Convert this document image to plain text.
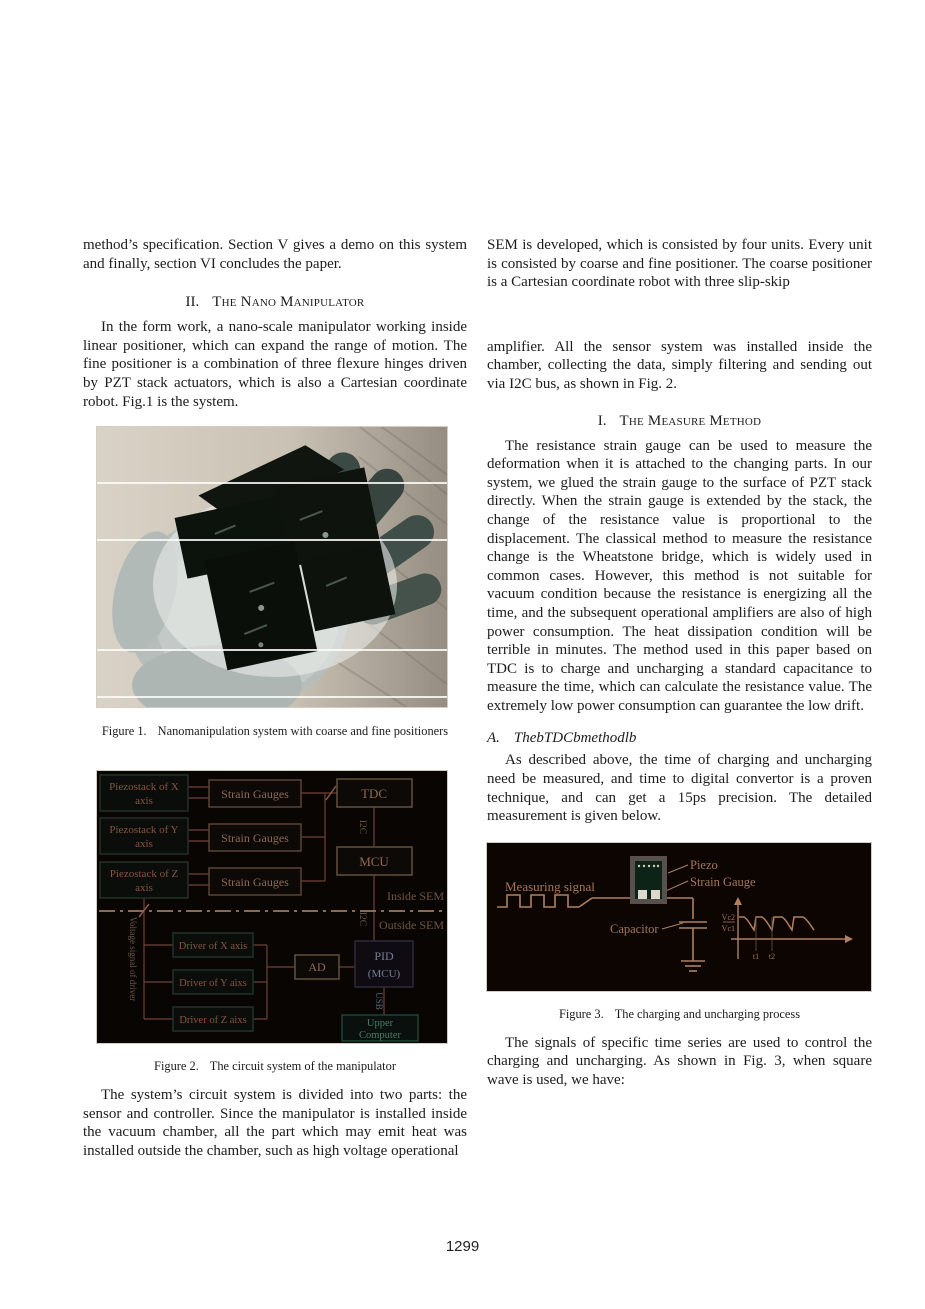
method’s specification. Section V gives a demo on this system and finally, section VI concludes the paper.

II. The Nano Manipulator

In the form work, a nano-scale manipulator working inside linear positioner, which can expand the range of motion. The fine positioner is a combination of three flexure hinges driven by PZT stack actuators, which is also a Cartesian coordinate robot. Fig.1 is the system.

Figure 1. Nanomanipulation system with coarse and fine positioners
Piezostack of X
axis
Piezostack of Y
axis
Piezostack of Z
axis
Strain Gauges
Strain Gauges
Strain Gauges
TDC
MCU
I2C
I2C
Inside SEM
Outside SEM
Voltage signal of driver	Driver of X axis
Driver of Y aixs
Driver of Z aixs
AD
PID
(MCU)
USB
Upper
Computer
Figure 2. The circuit system of the manipulator

The system’s circuit system is divided into two parts: the sensor and controller. Since the manipulator is installed inside the vacuum chamber, all the part which may emit heat was installed outside the chamber, such as high voltage operational

SEM is developed, which is consisted by four units. Every unit is consisted by coarse and fine positioner. The coarse positioner is a Cartesian coordinate robot with three slip-skip

amplifier. All the sensor system was installed inside the chamber, collecting the data, simply filtering and sending out via I2C bus, as shown in Fig. 2.

I. The Measure Method

The resistance strain gauge can be used to measure the deformation when it is attached to the changing parts. In our system, we glued the strain gauge to the surface of PZT stack directly. When the strain gauge is extended by the stack, the change of the resistance value is proportional to the displacement. The classical method to measure the resistance change is the Wheatstone bridge, which is widely used in common cases. However, this method is not suitable for vacuum condition because the resistance is energizing all the time, and the subsequent operational amplifiers are also of high power consumption. The heat dissipation condition will be terrible in minutes. The method used in this paper based on TDC is to charge and uncharging a standard capacitance to measure the time, which can calculate the resistance value. The extremely low power consumption can guarantee the low drift.

A. ThebTDCbmethodlb

As described above, the time of charging and uncharging need be measured, and time to digital convertor is a proven technique, and can get a 15ps precision. The detailed measurement is given below.

Measuring signal
Piezo
Strain Gauge
Capacitor
Vc2
Vc1
t1 t2
Figure 3. The charging and uncharging process

The signals of specific time series are used to control the charging and uncharging. As shown in Fig. 3, when square wave is used, we have:

1299
